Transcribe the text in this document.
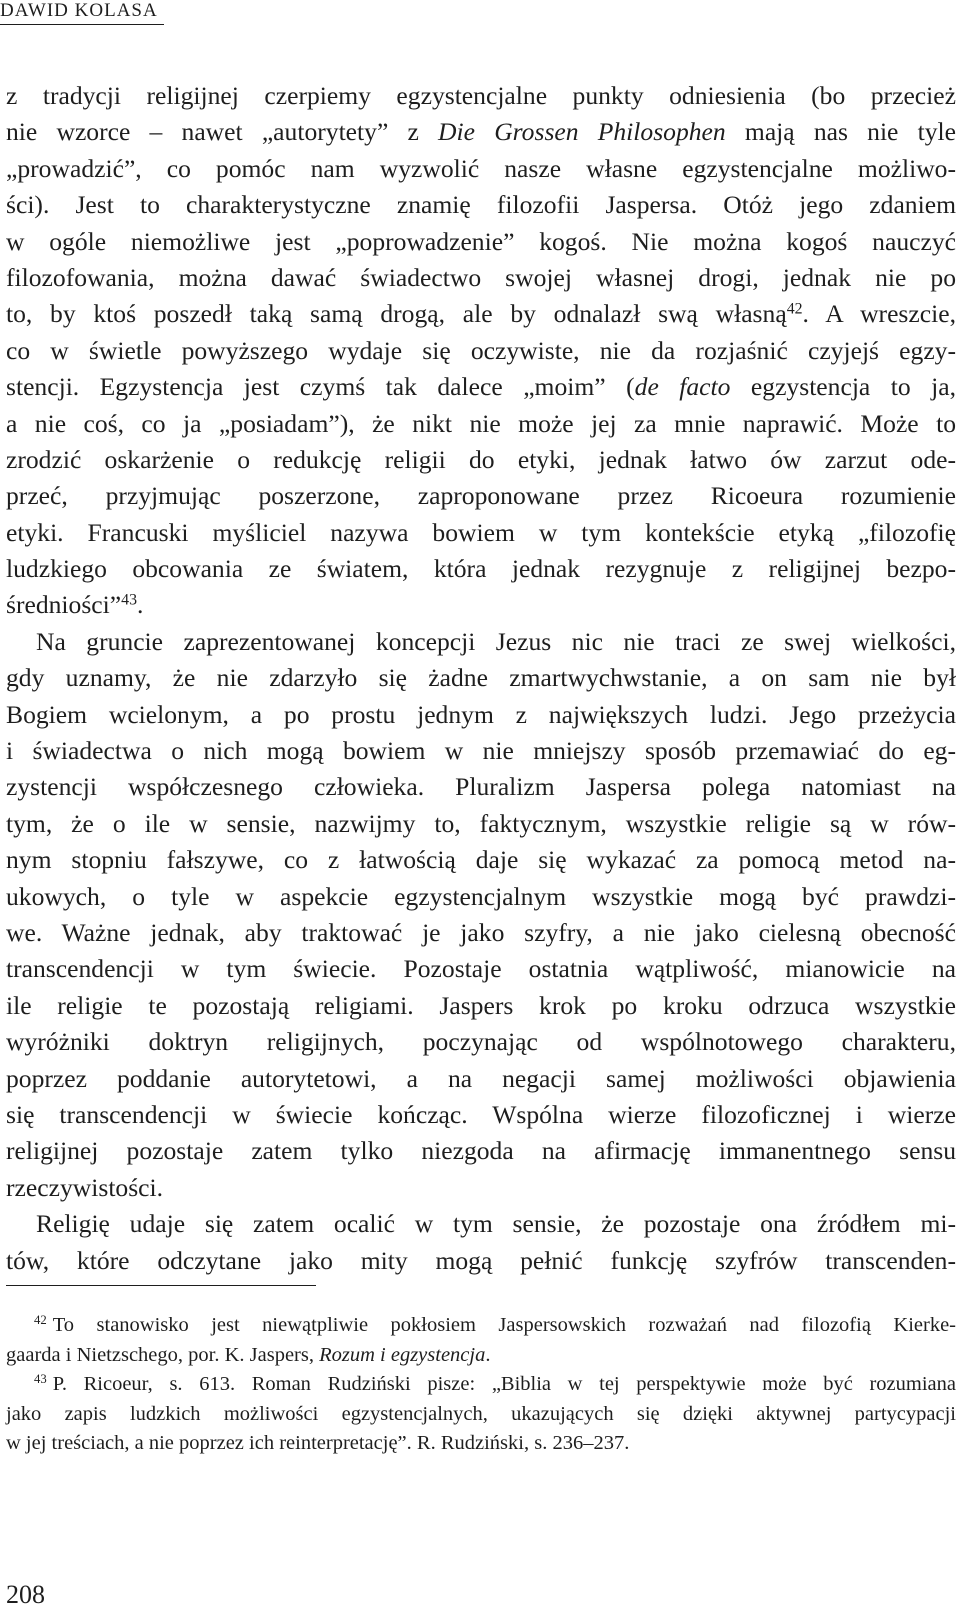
DAWID KOLASA
z tradycji religijnej czerpiemy egzystencjalne punkty odniesienia (bo przecież
nie wzorce – nawet „autorytety” z Die Grossen Philosophen mają nas nie tyle
„prowadzić”, co pomóc nam wyzwolić nasze własne egzystencjalne możliwo-
ści). Jest to charakterystyczne znamię filozofii Jaspersa. Otóż jego zdaniem
w ogóle niemożliwe jest „poprowadzenie” kogoś. Nie można kogoś nauczyć
filozofowania, można dawać świadectwo swojej własnej drogi, jednak nie po
to, by ktoś poszedł taką samą drogą, ale by odnalazł swą własną$^{42}$. A wreszcie,
co w świetle powyższego wydaje się oczywiste, nie da rozjaśnić czyjejś egzy-
stencji. Egzystencja jest czymś tak dalece „moim” (de facto egzystencja to ja,
a nie coś, co ja „posiadam”), że nikt nie może jej za mnie naprawić. Może to
zrodzić oskarżenie o redukcję religii do etyki, jednak łatwo ów zarzut ode-
przeć, przyjmując poszerzone, zaproponowane przez Ricoeura rozumienie
etyki. Francuski myśliciel nazywa bowiem w tym kontekście etyką „filozofię
ludzkiego obcowania ze światem, która jednak rezygnuje z religijnej bezpo-
średniości”$^{43}$.
Na gruncie zaprezentowanej koncepcji Jezus nic nie traci ze swej wielkości,
gdy uznamy, że nie zdarzyło się żadne zmartwychwstanie, a on sam nie był
Bogiem wcielonym, a po prostu jednym z największych ludzi. Jego przeżycia
i świadectwa o nich mogą bowiem w nie mniejszy sposób przemawiać do eg-
zystencji współczesnego człowieka. Pluralizm Jaspersa polega natomiast na
tym, że o ile w sensie, nazwijmy to, faktycznym, wszystkie religie są w rów-
nym stopniu fałszywe, co z łatwością daje się wykazać za pomocą metod na-
ukowych, o tyle w aspekcie egzystencjalnym wszystkie mogą być prawdzi-
we. Ważne jednak, aby traktować je jako szyfry, a nie jako cielesną obecność
transcendencji w tym świecie. Pozostaje ostatnia wątpliwość, mianowicie na
ile religie te pozostają religiami. Jaspers krok po kroku odrzuca wszystkie
wyróżniki doktryn religijnych, poczynając od wspólnotowego charakteru,
poprzez poddanie autorytetowi, a na negacji samej możliwości objawienia
się transcendencji w świecie kończąc. Wspólna wierze filozoficznej i wierze
religijnej pozostaje zatem tylko niezgoda na afirmację immanentnego sensu
rzeczywistości.
Religię udaje się zatem ocalić w tym sensie, że pozostaje ona źródłem mi-
tów, które odczytane jako mity mogą pełnić funkcję szyfrów transcenden-
$^{42}$ To stanowisko jest niewątpliwie pokłosiem Jaspersowskich rozważań nad filozofią Kierke-
gaarda i Nietzschego, por. K. Jaspers, Rozum i egzystencja.
$^{43}$ P. Ricoeur, s. 613. Roman Rudziński pisze: „Biblia w tej perspektywie może być rozumiana
jako zapis ludzkich możliwości egzystencjalnych, ukazujących się dzięki aktywnej partycypacji
w jej treściach, a nie poprzez ich reinterpretację”. R. Rudziński, s. 236–237.
208
